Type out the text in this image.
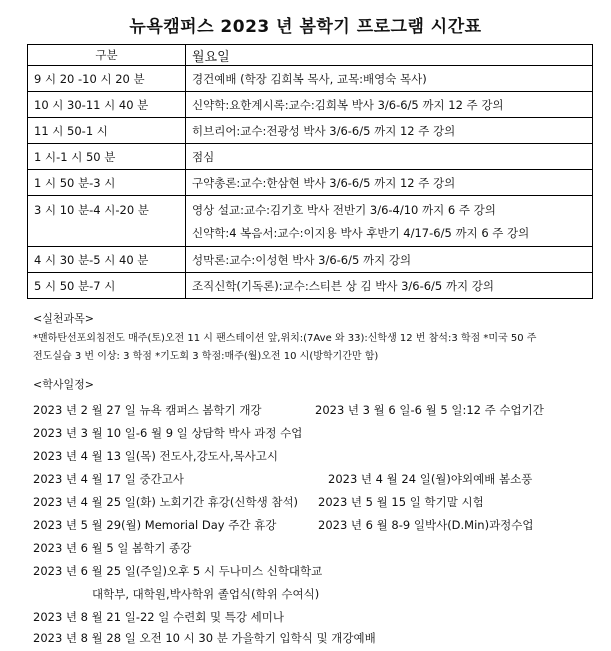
뉴욕캠퍼스 2023 년 봄학기 프로그램 시간표
구분	월요일
9 시 20 -10 시 20 분	경건예배 (학장 김희복 목사, 교목:배영숙 목사)
10 시 30-11 시 40 분	신약학:요한계시록:교수:김희복 박사 3/6-6/5 까지 12 주 강의
11 시 50-1 시	히브리어:교수:전광성 박사 3/6-6/5 까지 12 주 강의
1 시-1 시 50 분	점심
1 시 50 분-3 시	구약총론:교수:한삼현 박사 3/6-6/5 까지 12 주 강의
3 시 10 분-4 시-20 분	영상 설교:교수:김기호 박사 전반기 3/6-4/10 까지 6 주 강의
신약학:4 복음서:교수:이지용 박사 후반기 4/17-6/5 까지 6 주 강의

4 시 30 분-5 시 40 분	성막론:교수:이성현 박사 3/6-6/5 까지 강의
5 시 50 분-7 시	조직신학(기독론):교수:스티븐 상 김 박사 3/6-6/5 까지 강의
<실천과목>
*맨하탄선포외침전도 매주(토)오전 11 시 팬스테이션 앞,위치:(7Ave 와 33):신학생 12 번 참석:3 학점 *미국 50 주
전도실습 3 번 이상: 3 학점 *기도회 3 학점:매주(월)오전 10 시(방학기간만 함)
<학사일정>
2023 년 2 월 27 일 뉴욕 캠퍼스 봄학기 개강	2023 년 3 월 6 일-6 월 5 일:12 주 수업기간
2023 년 3 월 10 일-6 월 9 일 상담학 박사 과정 수업
2023 년 4 월 13 일(목) 전도사,강도사,목사고시
2023 년 4 월 17 일 중간고사	2023 년 4 월 24 일(월)야외예배 봄소풍
2023 년 4 월 25 일(화) 노회기간 휴강(신학생 참석) 2023 년 5 월 15 일 학기말 시험
2023 년 5 월 29(월) Memorial Day 주간 휴강	2023 년 6 월 8-9 일박사(D.Min)과정수업
2023 년 6 월 5 일 봄학기 종강
2023 년 6 월 25 일(주일)오후 5 시 두나미스 신학대학교
대학부, 대학원,박사학위 졸업식(학위 수여식)
2023 년 8 월 21 일-22 일 수련회 및 특강 세미나
2023 년 8 월 28 일 오전 10 시 30 분 가을학기 입학식 및 개강예배
